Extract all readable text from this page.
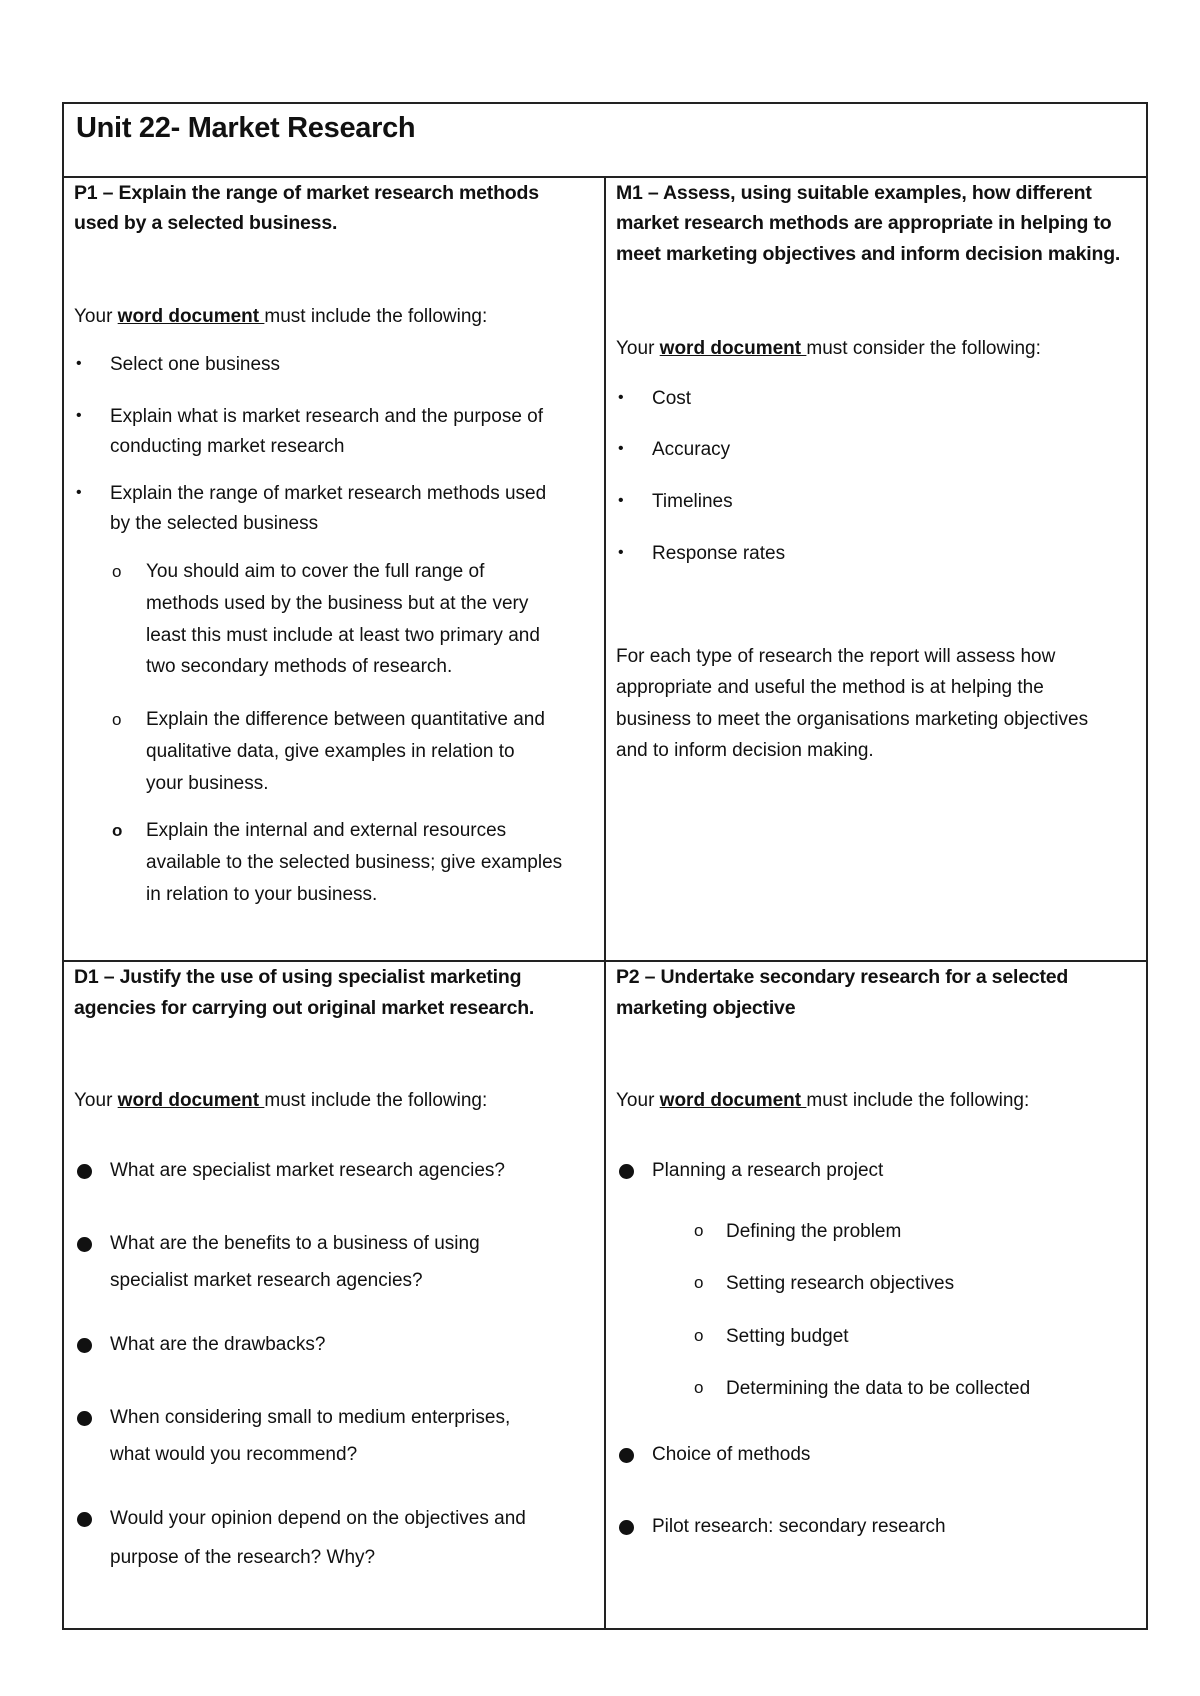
Unit 22- Market Research
P1 – Explain the range of market research methods
used by a selected business.
Your word document must include the following:
• Select one business
• Explain what is market research and the purpose of
conducting market research
• Explain the range of market research methods used
by the selected business
o You should aim to cover the full range of
methods used by the business but at the very
least this must include at least two primary and
two secondary methods of research.
o Explain the difference between quantitative and
qualitative data, give examples in relation to
your business.
o Explain the internal and external resources
available to the selected business; give examples
in relation to your business.
M1 – Assess, using suitable examples, how different
market research methods are appropriate in helping to
meet marketing objectives and inform decision making.
Your word document must consider the following:
• Cost
• Accuracy
• Timelines
• Response rates
For each type of research the report will assess how
appropriate and useful the method is at helping the
business to meet the organisations marketing objectives
and to inform decision making.
D1 – Justify the use of using specialist marketing
agencies for carrying out original market research.
Your word document must include the following:
What are specialist market research agencies?
What are the benefits to a business of using
specialist market research agencies?
What are the drawbacks?
When considering small to medium enterprises,
what would you recommend?
Would your opinion depend on the objectives and
purpose of the research? Why?
P2 – Undertake secondary research for a selected
marketing objective
Your word document must include the following:
Planning a research project
o Defining the problem
o Setting research objectives
o Setting budget
o Determining the data to be collected
Choice of methods
Pilot research: secondary research
